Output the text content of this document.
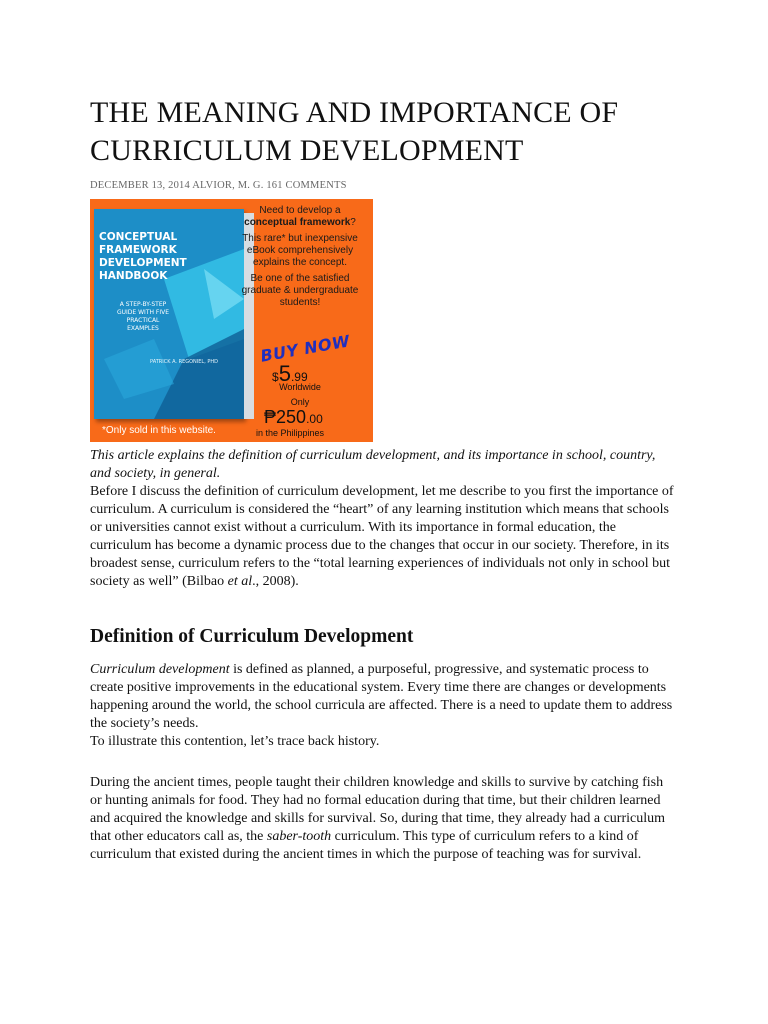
THE MEANING AND IMPORTANCE OF
CURRICULUM DEVELOPMENT
DECEMBER 13, 2014 ALVIOR, M. G. 161 COMMENTS
CONCEPTUAL
FRAMEWORK
DEVELOPMENT
HANDBOOK
A STEP-BY-STEP
GUIDE WITH FIVE
PRACTICAL
EXAMPLES
PATRICK A. REGONIEL, PHD
Need to develop a
conceptual framework?
This rare* but inexpensive eBook comprehensively explains the concept.
Be one of the satisfied graduate & undergraduate students!
BUY NOW
$5.99
Worldwide
Only
₱250.00
in the Philippines
*Only sold in this website.

This article explains the definition of curriculum development, and its importance in school, country, and society, in general.

Before I discuss the definition of curriculum development, let me describe to you first the importance of curriculum. A curriculum is considered the “heart” of any learning institution which means that schools or universities cannot exist without a curriculum. With its importance in formal education, the curriculum has become a dynamic process due to the changes that occur in our society. Therefore, in its broadest sense, curriculum refers to the “total learning experiences of individuals not only in school but society as well” (Bilbao et al., 2008).

Definition of Curriculum Development

Curriculum development is defined as planned, a purposeful, progressive, and systematic process to create positive improvements in the educational system. Every time there are changes or developments happening around the world, the school curricula are affected. There is a need to update them to address the society’s needs.

To illustrate this contention, let’s trace back history.

During the ancient times, people taught their children knowledge and skills to survive by catching fish or hunting animals for food. They had no formal education during that time, but their children learned and acquired the knowledge and skills for survival. So, during that time, they already had a curriculum that other educators call as, the saber-tooth curriculum. This type of curriculum refers to a kind of curriculum that existed during the ancient times in which the purpose of teaching was for survival.
